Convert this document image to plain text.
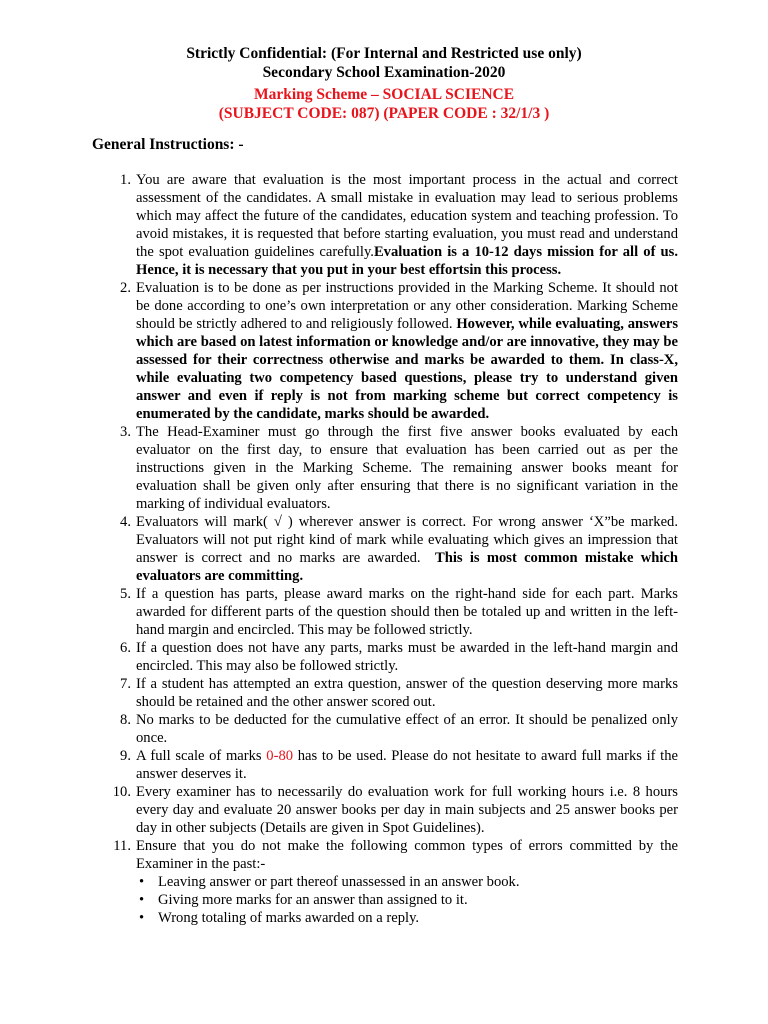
Strictly Confidential: (For Internal and Restricted use only)
Secondary School Examination-2020
Marking Scheme – SOCIAL SCIENCE
(SUBJECT CODE: 087) (PAPER CODE : 32/1/3 )
General Instructions: -
1. You are aware that evaluation is the most important process in the actual and correct assessment of the candidates. A small mistake in evaluation may lead to serious problems which may affect the future of the candidates, education system and teaching profession. To avoid mistakes, it is requested that before starting evaluation, you must read and understand the spot evaluation guidelines carefully.Evaluation is a 10-12 days mission for all of us. Hence, it is necessary that you put in your best effortsin this process.
2. Evaluation is to be done as per instructions provided in the Marking Scheme. It should not be done according to one’s own interpretation or any other consideration. Marking Scheme should be strictly adhered to and religiously followed. However, while evaluating, answers which are based on latest information or knowledge and/or are innovative, they may be assessed for their correctness otherwise and marks be awarded to them. In class-X, while evaluating two competency based questions, please try to understand given answer and even if reply is not from marking scheme but correct competency is enumerated by the candidate, marks should be awarded.
3. The Head-Examiner must go through the first five answer books evaluated by each evaluator on the first day, to ensure that evaluation has been carried out as per the instructions given in the Marking Scheme. The remaining answer books meant for evaluation shall be given only after ensuring that there is no significant variation in the marking of individual evaluators.
4. Evaluators will mark( √ ) wherever answer is correct. For wrong answer ‘X”be marked. Evaluators will not put right kind of mark while evaluating which gives an impression that answer is correct and no marks are awarded. This is most common mistake which evaluators are committing.
5. If a question has parts, please award marks on the right-hand side for each part. Marks awarded for different parts of the question should then be totaled up and written in the left-hand margin and encircled. This may be followed strictly.
6. If a question does not have any parts, marks must be awarded in the left-hand margin and encircled. This may also be followed strictly.
7. If a student has attempted an extra question, answer of the question deserving more marks should be retained and the other answer scored out.
8. No marks to be deducted for the cumulative effect of an error. It should be penalized only once.
9. A full scale of marks 0-80 has to be used. Please do not hesitate to award full marks if the answer deserves it.
10. Every examiner has to necessarily do evaluation work for full working hours i.e. 8 hours every day and evaluate 20 answer books per day in main subjects and 25 answer books per day in other subjects (Details are given in Spot Guidelines).
11. Ensure that you do not make the following common types of errors committed by the Examiner in the past:-
• Leaving answer or part thereof unassessed in an answer book.
• Giving more marks for an answer than assigned to it.
• Wrong totaling of marks awarded on a reply.
